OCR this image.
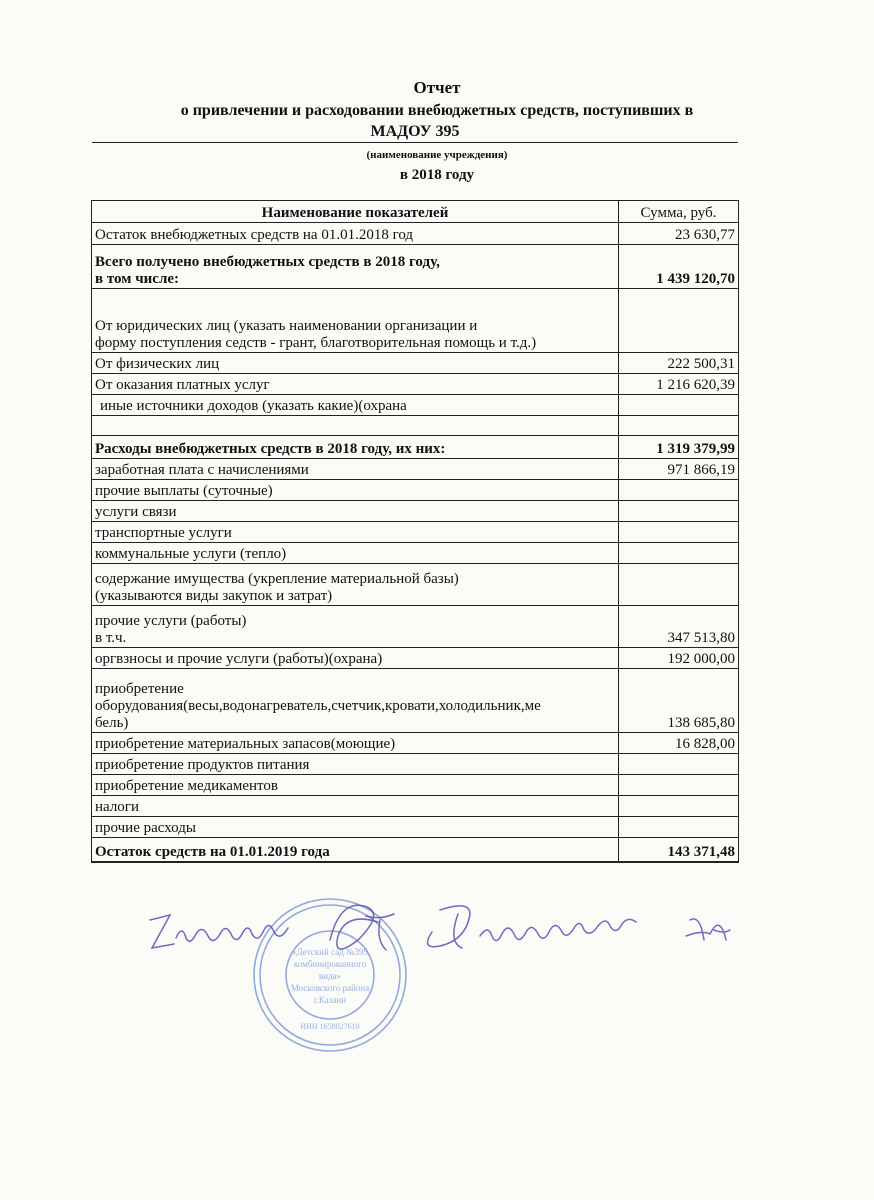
Отчет
о привлечении и расходовании внебюджетных средств, поступивших в
МАДОУ 395
(наименование учреждения)
в 2018 году
Наименование показателей	Сумма, руб.
Остаток внебюджетных средств на 01.01.2018 год	23 630,77
Всего получено внебюджетных средств в 2018 году,
в том числе:	1 439 120,70
От юридических лиц (указать наименовании организации и
форму поступления седств - грант, благотворительная помощь и т.д.)	
От физических лиц	222 500,31
От оказания платных услуг	1 216 620,39
иные источники доходов (указать какие)(охрана	

Расходы внебюджетных средств в 2018 году, их них:	1 319 379,99
заработная плата с начислениями	971 866,19
прочие выплаты (суточные)	
услуги связи	
транспортные услуги	
коммунальные услуги (тепло)	
содержание имущества (укрепление материальной базы)
(указываются виды закупок и затрат)	
прочие услуги (работы)
в т.ч.	347 513,80
оргвзносы и прочие услуги (работы)(охрана)	192 000,00
приобретение
оборудования(весы,водонагреватель,счетчик,кровати,холодильник,ме
бель)	138 685,80
приобретение материальных запасов(моющие)	16 828,00
приобретение продуктов питания	
приобретение медикаментов	
налоги	
прочие расходы	
Остаток средств на 01.01.2019 года	143 371,48
«Детский сад №395
комбинированного
вида»
Московского района
г.Казани
ИНН 1658027610
